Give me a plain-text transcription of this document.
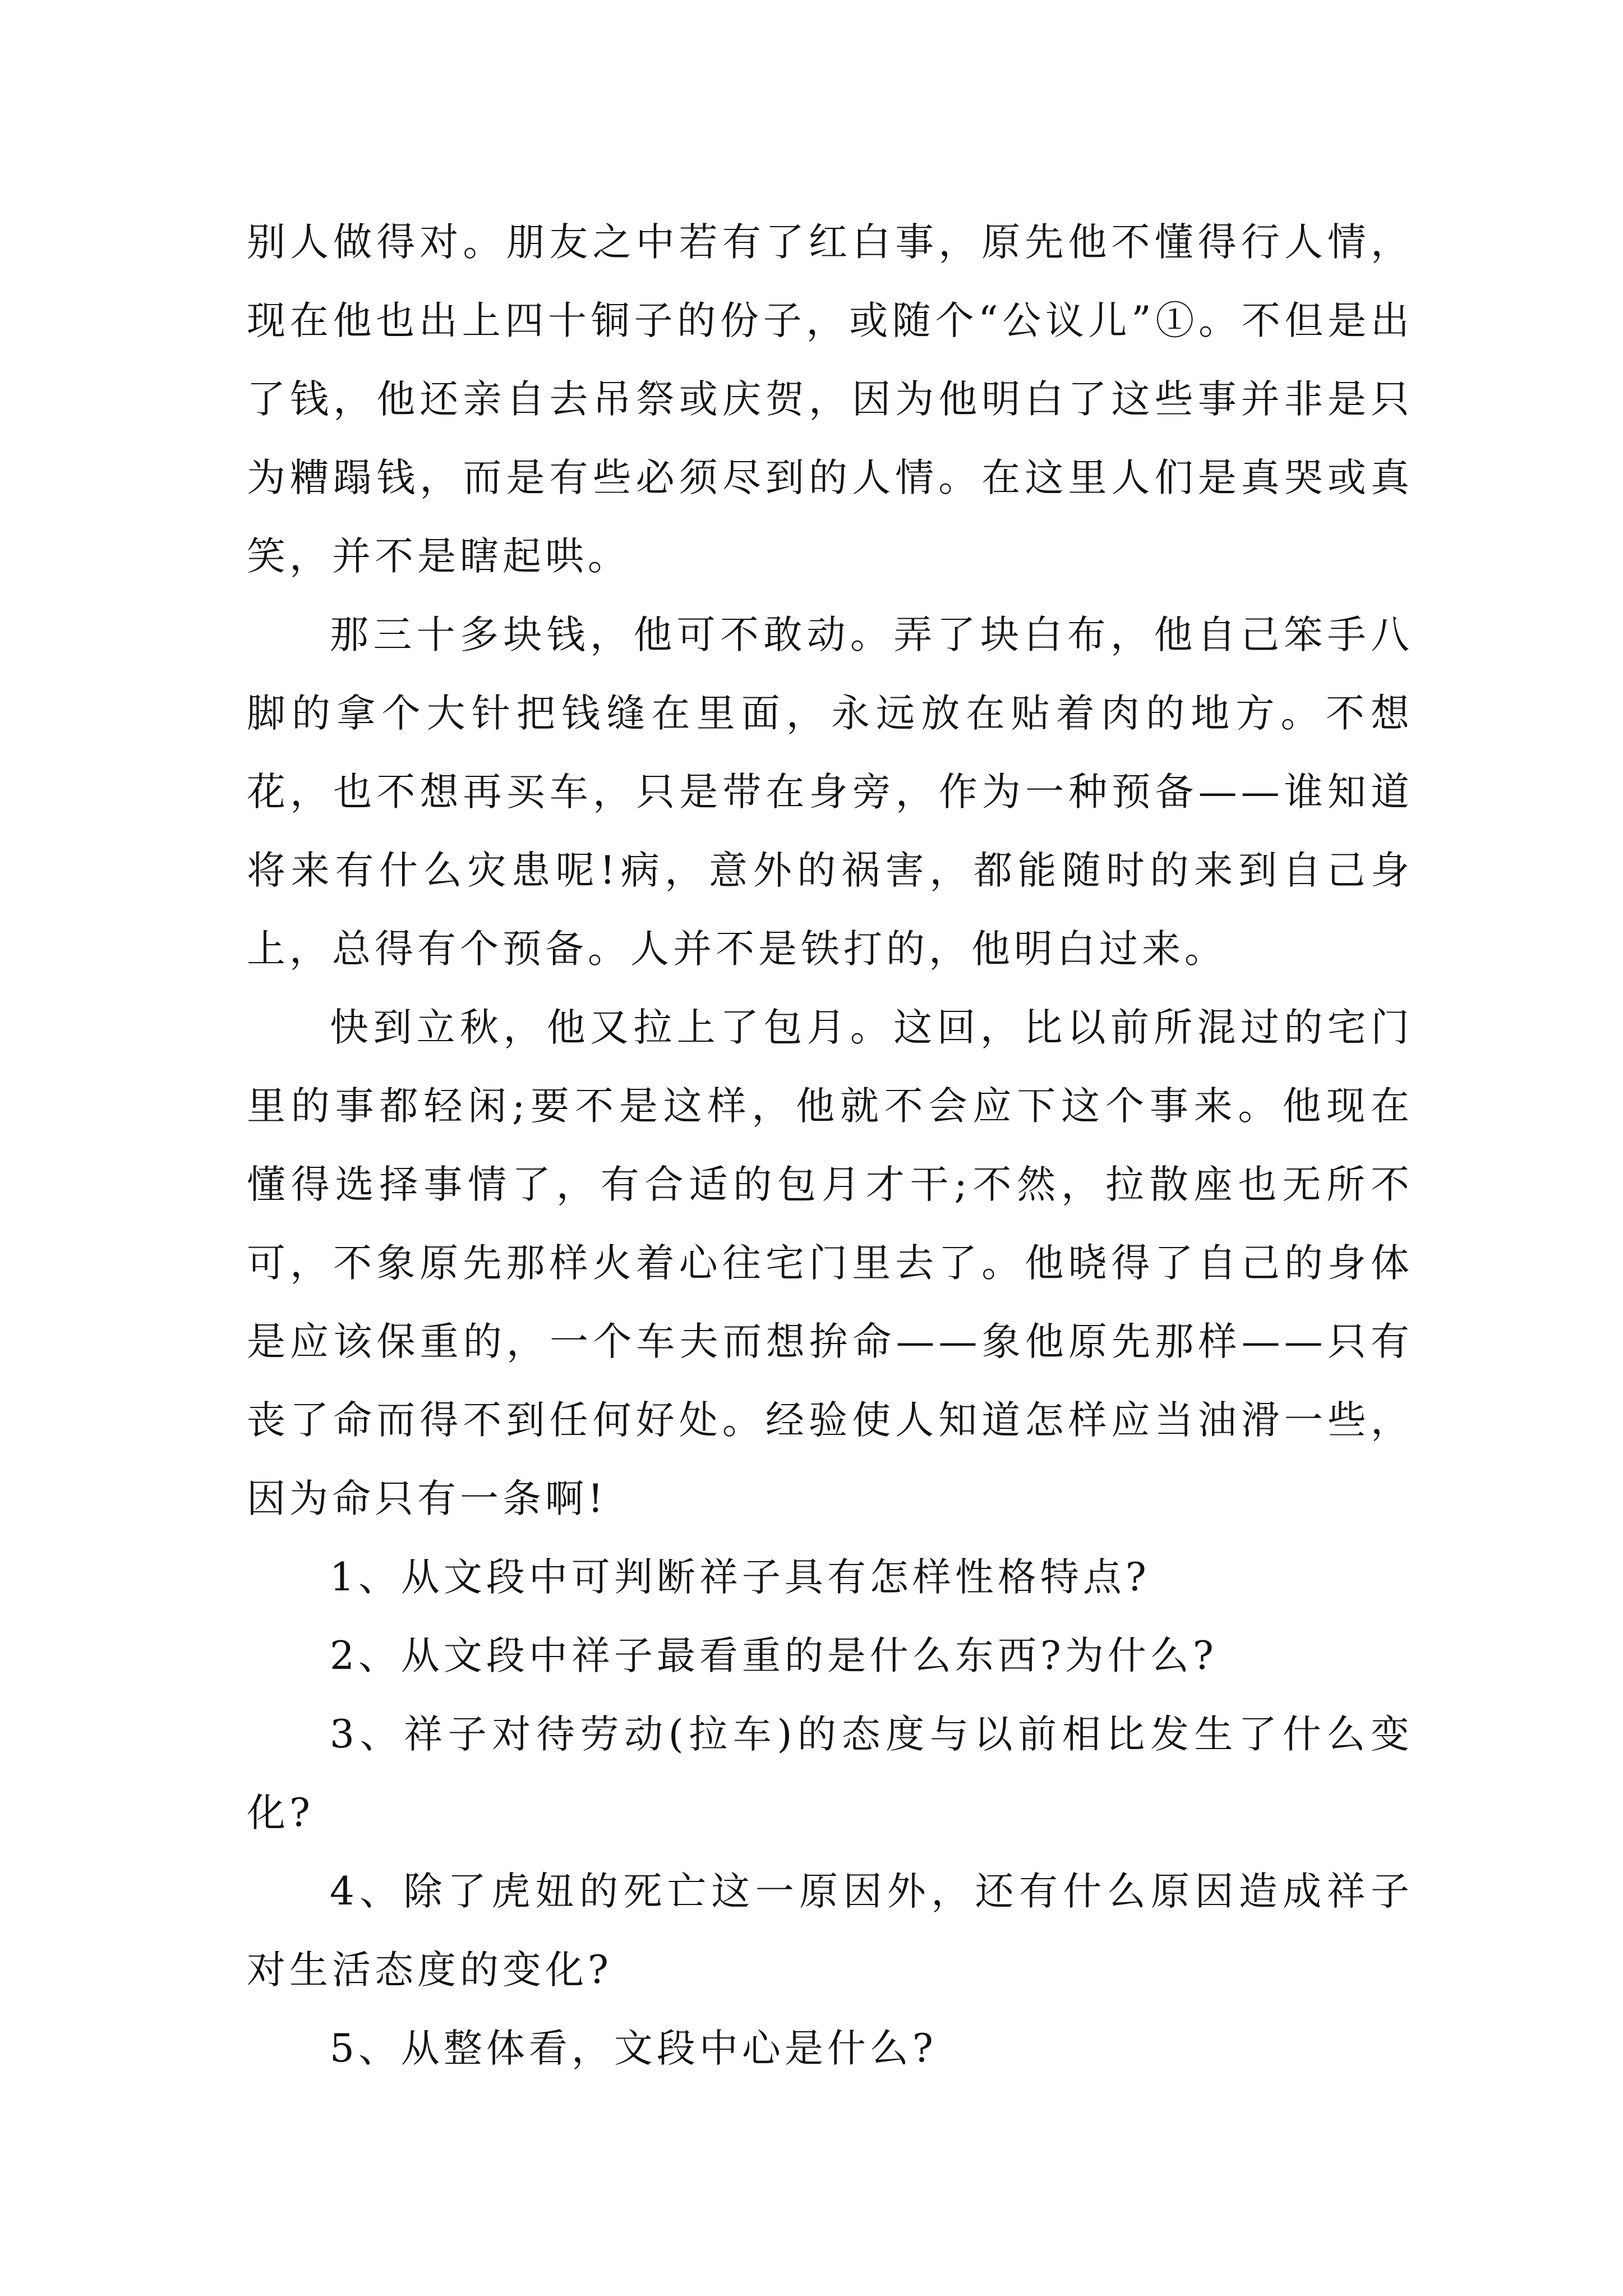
别人做得对。朋友之中若有了红白事，原先他不懂得行人情，现在他也出上四十铜子的份子，或随个“公议儿”①。不但是出了钱，他还亲自去吊祭或庆贺，因为他明白了这些事并非是只为糟蹋钱，而是有些必须尽到的人情。在这里人们是真哭或真笑，并不是瞎起哄。

那三十多块钱，他可不敢动。弄了块白布，他自己笨手八脚的拿个大针把钱缝在里面，永远放在贴着肉的地方。不想花，也不想再买车，只是带在身旁，作为一种预备——谁知道将来有什么灾患呢!病，意外的祸害，都能随时的来到自己身上，总得有个预备。人并不是铁打的，他明白过来。

快到立秋，他又拉上了包月。这回，比以前所混过的宅门里的事都轻闲;要不是这样，他就不会应下这个事来。他现在懂得选择事情了，有合适的包月才干;不然，拉散座也无所不可，不象原先那样火着心往宅门里去了。他晓得了自己的身体是应该保重的，一个车夫而想拚命——象他原先那样——只有丧了命而得不到任何好处。经验使人知道怎样应当油滑一些，因为命只有一条啊!

1、从文段中可判断祥子具有怎样性格特点?

2、从文段中祥子最看重的是什么东西?为什么?

3、祥子对待劳动(拉车)的态度与以前相比发生了什么变化?

4、除了虎妞的死亡这一原因外，还有什么原因造成祥子对生活态度的变化?

5、从整体看，文段中心是什么?
